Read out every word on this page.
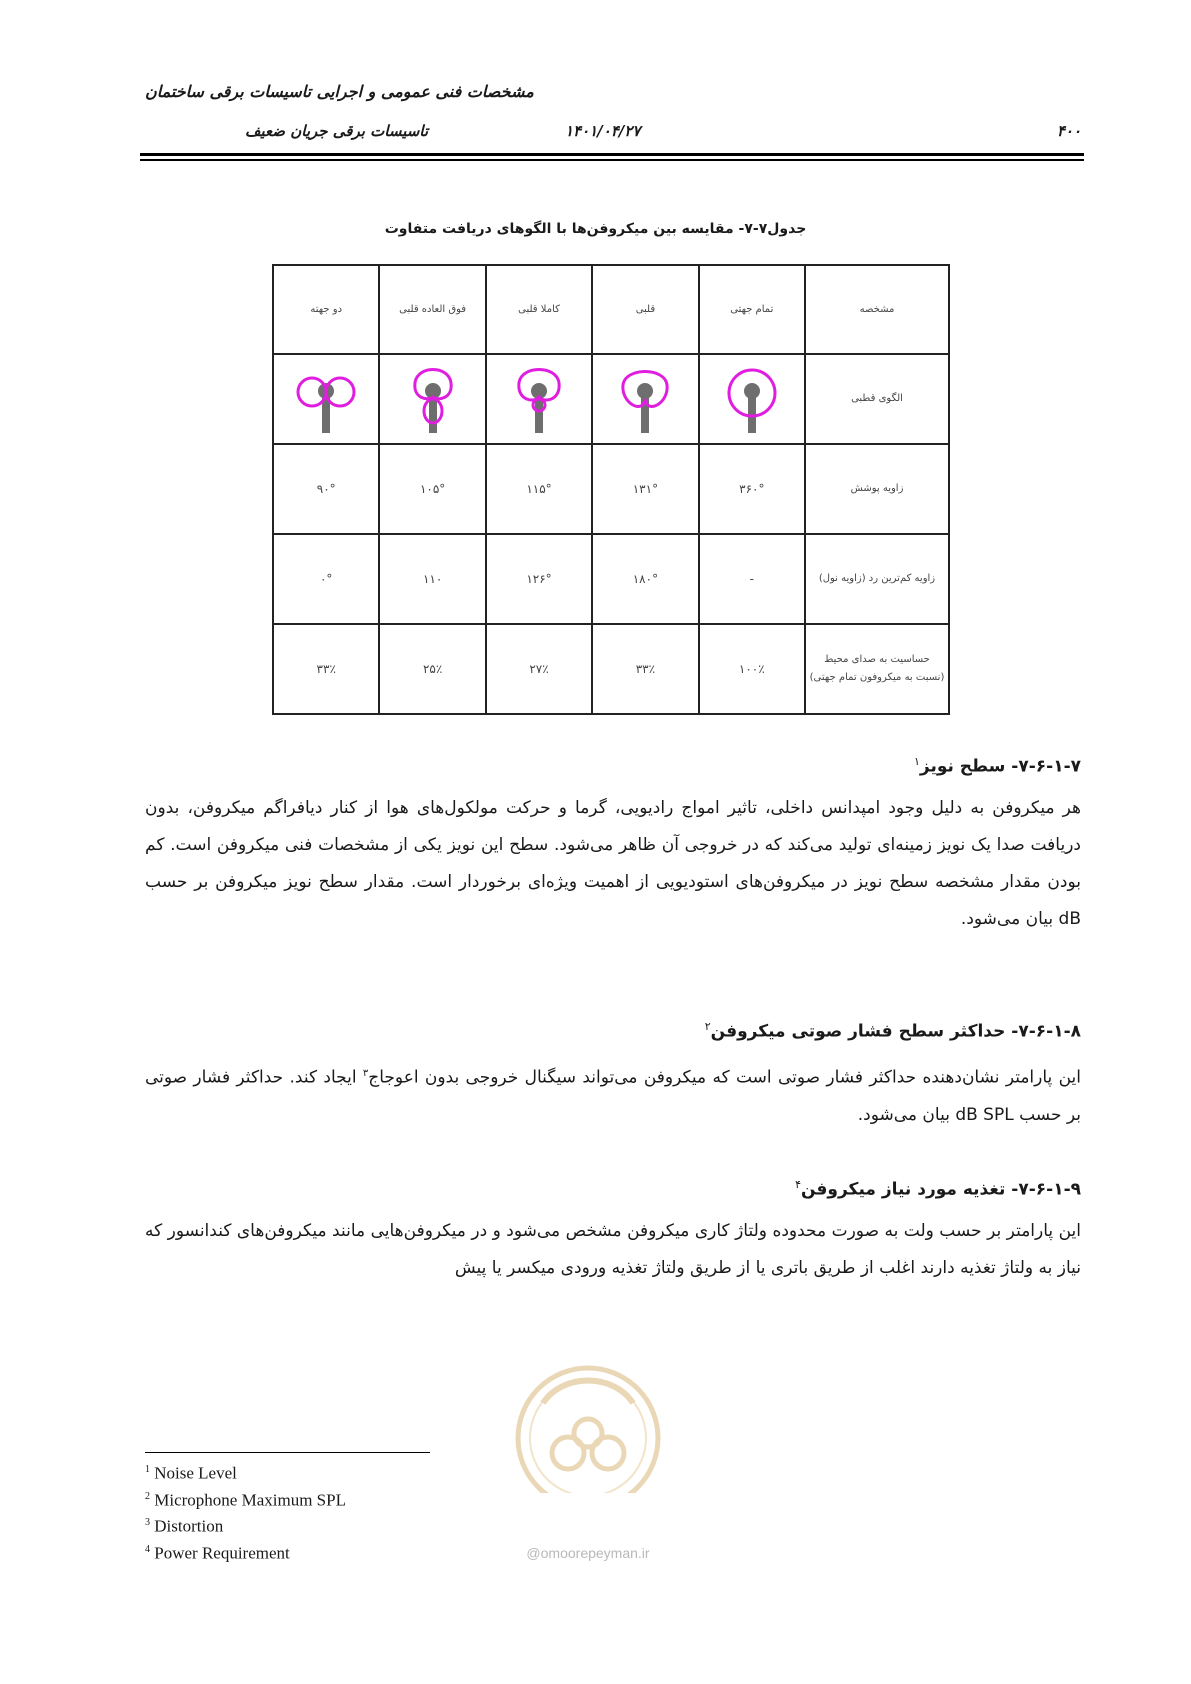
مشخصات فنی عمومی و اجرایی تاسیسات برقی ساختمان
تاسیسات برقی جریان ضعیف	۱۴۰۱/۰۴/۲۷	۴۰۰
جدول۷-۷- مقایسه بین میکروفن‌ها با الگوهای دریافت متفاوت
مشخصه	تمام جهتی	قلبی	کاملا قلبی	فوق العاده قلبی	دو جهته
الگوی قطبی	

زاویه پوشش	۳۶۰°	۱۳۱°	۱۱۵°	۱۰۵°	۹۰°
زاویه کم‌ترین رد (زاویه نول)	-	۱۸۰°	۱۲۶°	۱۱۰	۰°
حساسیت به صدای محیط
(نسبت به میکروفون تمام جهتی)	۱۰۰٪	۳۳٪	۲۷٪	۲۵٪	۳۳٪
۷-۶-۱-۷- سطح نویز$^۱$
هر میکروفن به دلیل وجود امپدانس داخلی، تاثیر امواج رادیویی، گرما و حرکت مولکول‌های هوا از کنار دیافراگم میکروفن، بدون دریافت صدا یک نویز زمینه‌ای تولید می‌کند که در خروجی آن ظاهر می‌شود. سطح این نویز یکی از مشخصات فنی میکروفن است. کم بودن مقدار مشخصه سطح نویز در میکروفن‌های استودیویی از اهمیت ویژه‌ای برخوردار است. مقدار سطح نویز میکروفن بر حسب dB بیان می‌شود.
۷-۶-۱-۸- حداکثر سطح فشار صوتی میکروفن$^۲$
این پارامتر نشان‌دهنده حداکثر فشار صوتی است که میکروفن می‌تواند سیگنال خروجی بدون اعوجاج$^۳$ ایجاد کند. حداکثر فشار صوتی بر حسب dB SPL بیان می‌شود.
۷-۶-۱-۹- تغذیه مورد نیاز میکروفن$^۴$
این پارامتر بر حسب ولت به صورت محدوده ولتاژ کاری میکروفن مشخص می‌شود و در میکروفن‌هایی مانند میکروفن‌های کندانسور که نیاز به ولتاژ تغذیه دارند اغلب از طریق باتری یا از طریق ولتاژ تغذیه ورودی میکسر یا پیش
@omoorepeyman.ir
$^1$ Noise Level
$^2$ Microphone Maximum SPL
$^3$ Distortion
$^4$ Power Requirement
